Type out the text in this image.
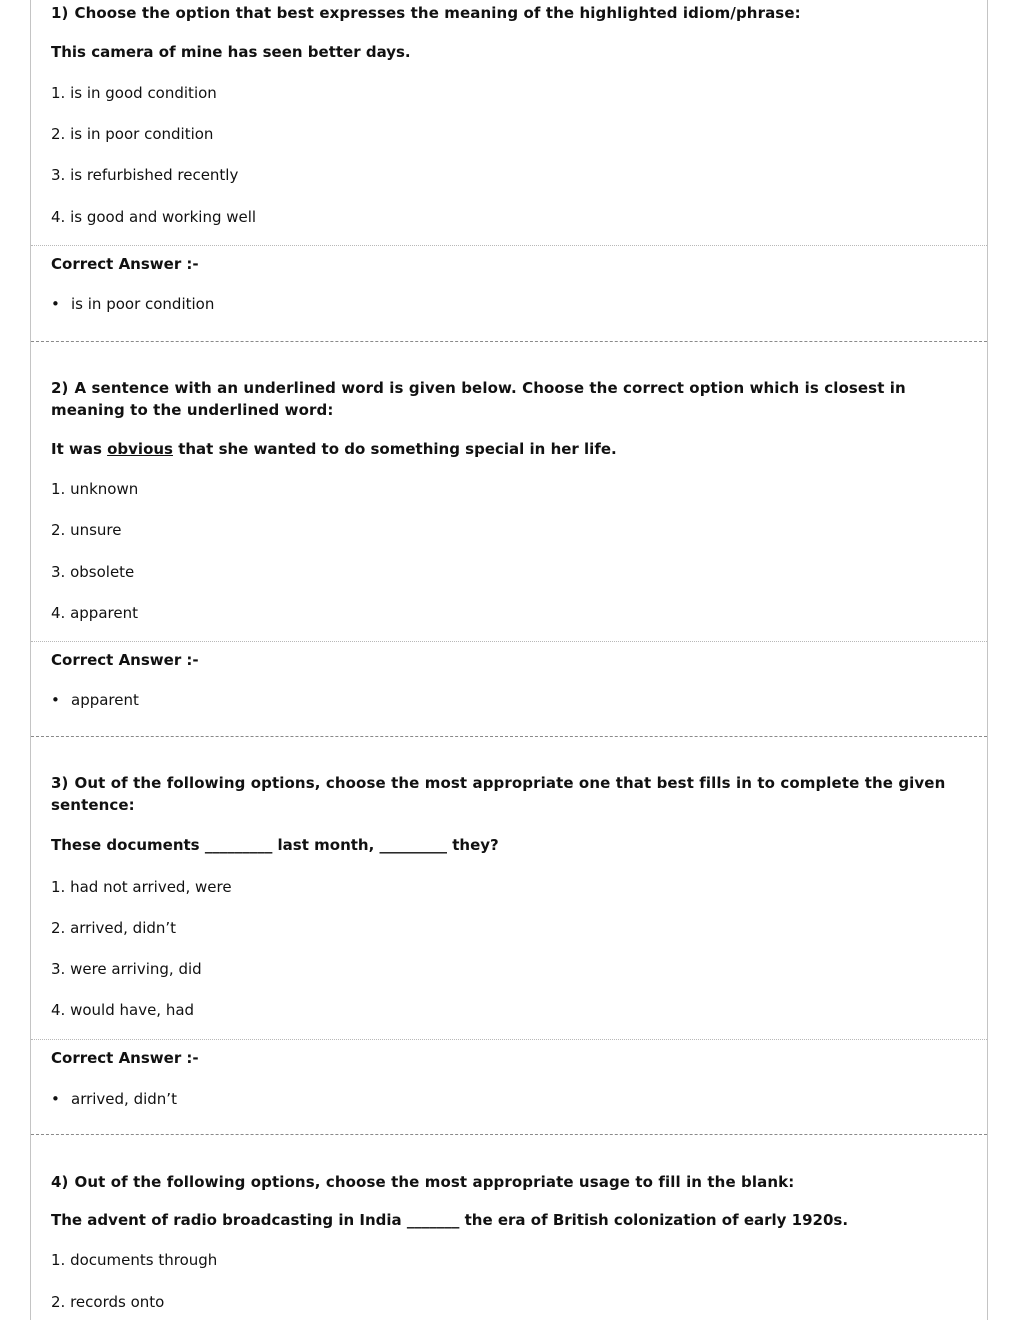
1) Choose the option that best expresses the meaning of the highlighted idiom/phrase:
This camera of mine has seen better days.
1. is in good condition
2. is in poor condition
3. is refurbished recently
4. is good and working well
Correct Answer :-
• is in poor condition
2) A sentence with an underlined word is given below. Choose the correct option which is closest in meaning to the underlined word:
It was obvious that she wanted to do something special in her life.
1. unknown
2. unsure
3. obsolete
4. apparent
Correct Answer :-
• apparent
3) Out of the following options, choose the most appropriate one that best fills in to complete the given sentence:
These documents _________ last month, _________ they?
1. had not arrived, were
2. arrived, didn’t
3. were arriving, did
4. would have, had
Correct Answer :-
• arrived, didn’t
4) Out of the following options, choose the most appropriate usage to fill in the blank:
The advent of radio broadcasting in India _______ the era of British colonization of early 1920s.
1. documents through
2. records onto
